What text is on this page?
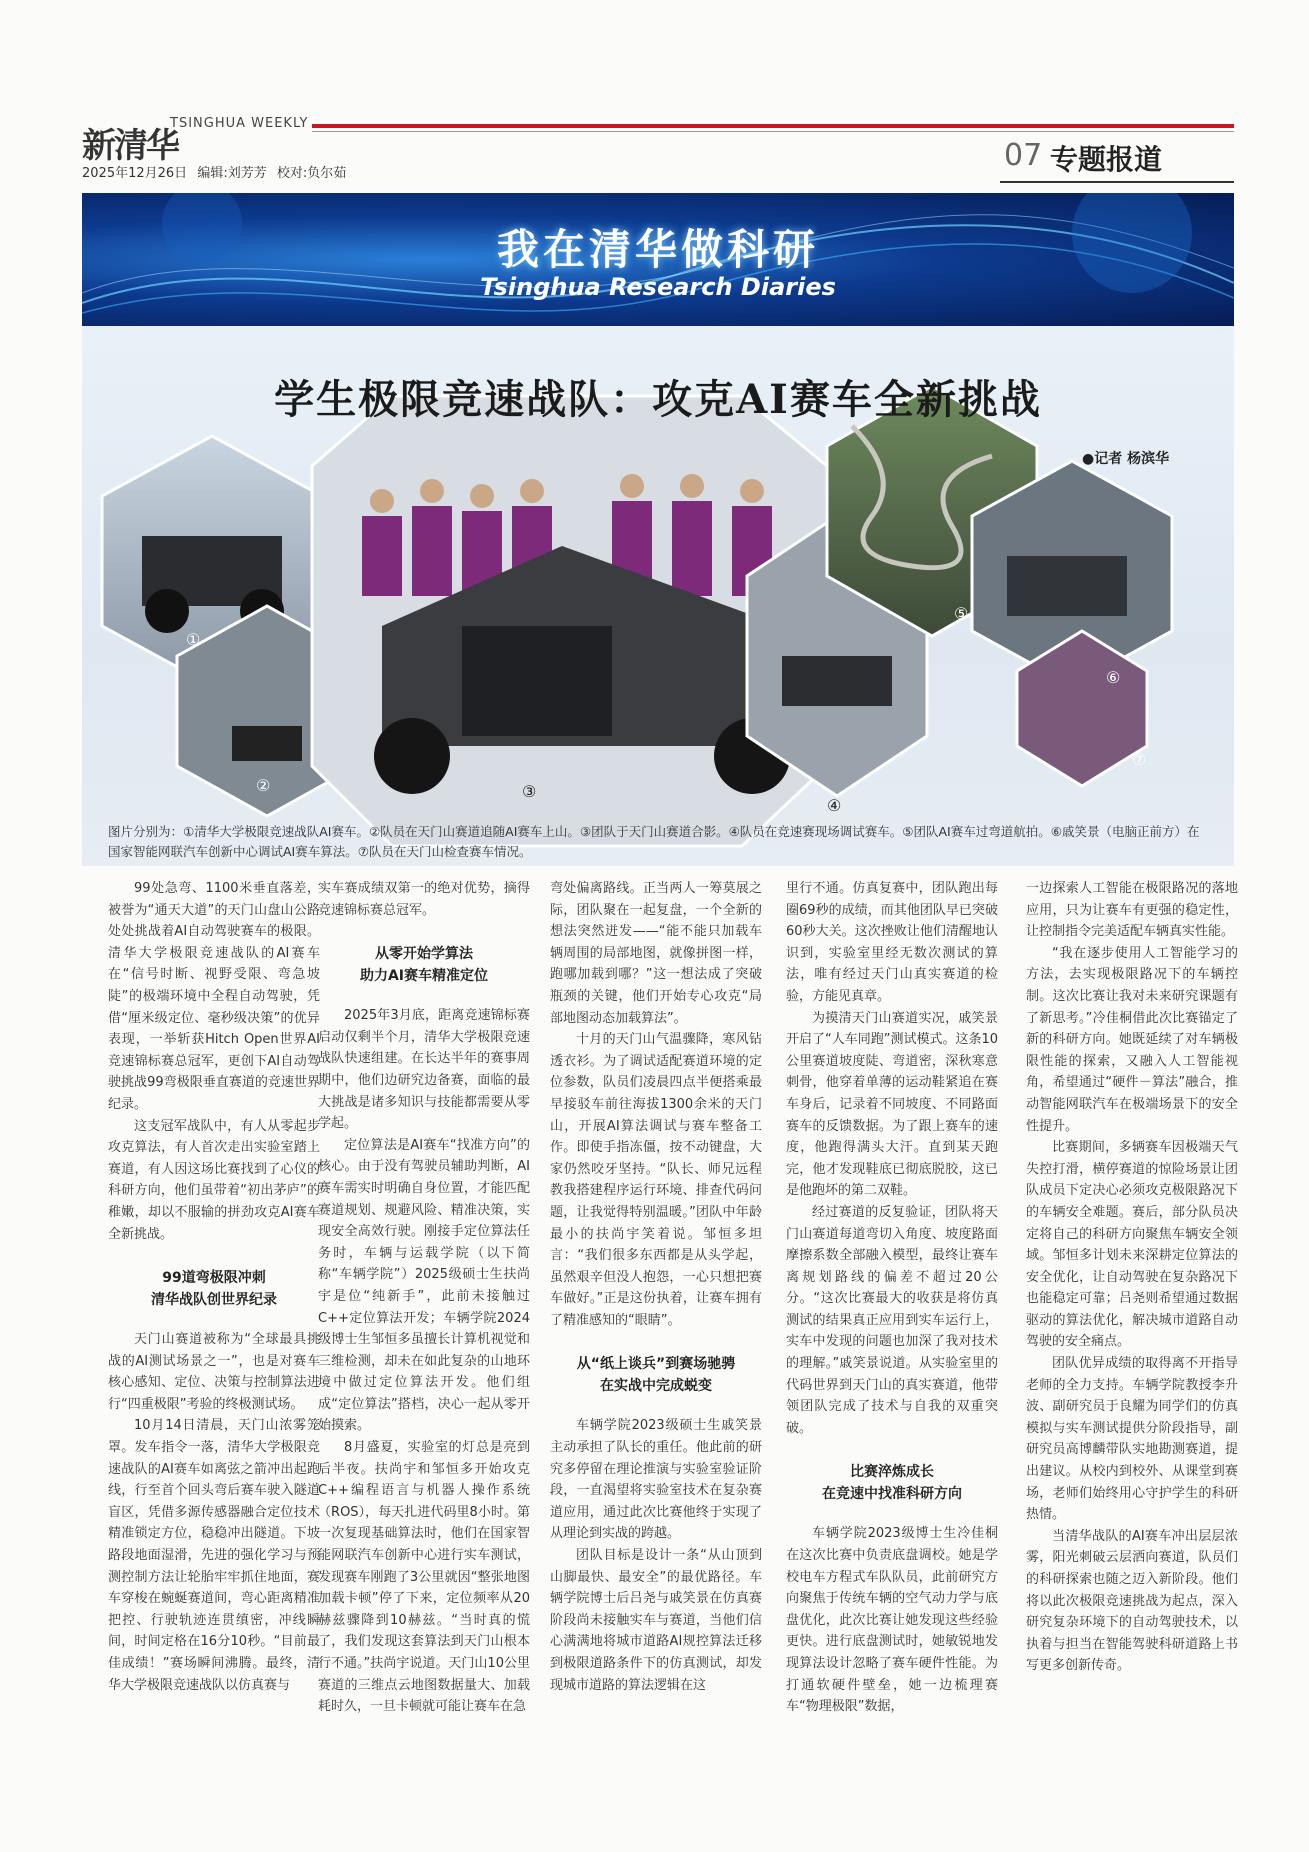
新清华
TSINGHUA WEEKLY
2025年12月26日 编辑:刘芳芳 校对:负尔茹
07 专题报道
我在清华做科研
Tsinghua Research Diaries
学生极限竞速战队：攻克AI赛车全新挑战
●记者 杨滨华
①
②	③
④
⑤
⑥
⑦
图片分别为：①清华大学极限竞速战队AI赛车。②队员在天门山赛道追随AI赛车上山。③团队于天门山赛道合影。④队员在竞速赛现场调试赛车。⑤团队AI赛车过弯道航拍。⑥戚笑景（电脑正前方）在国家智能网联汽车创新中心调试AI赛车算法。⑦队员在天门山检查赛车情况。

99处急弯、1100米垂直落差，被誉为“通天大道”的天门山盘山公路处处挑战着AI自动驾驶赛车的极限。清华大学极限竞速战队的AI赛车在“信号时断、视野受限、弯急坡陡”的极端环境中全程自动驾驶，凭借“厘米级定位、毫秒级决策”的优异表现，一举斩获Hitch Open世界AI竞速锦标赛总冠军，更创下AI自动驾驶挑战99弯极限垂直赛道的竞速世界纪录。

这支冠军战队中，有人从零起步攻克算法，有人首次走出实验室踏上赛道，有人因这场比赛找到了心仪的科研方向，他们虽带着“初出茅庐”的稚嫩，却以不服输的拼劲攻克AI赛车全新挑战。

99道弯极限冲刺
清华战队创世界纪录

天门山赛道被称为“全球最具挑战的AI测试场景之一”，也是对赛车核心感知、定位、决策与控制算法进行“四重极限”考验的终极测试场。

10月14日清晨，天门山浓雾笼罩。发车指令一落，清华大学极限竞速战队的AI赛车如离弦之箭冲出起跑线，行至首个回头弯后赛车驶入隧道盲区，凭借多源传感器融合定位技术精准锁定方位，稳稳冲出隧道。下坡路段地面湿滑，先进的强化学习与预测控制方法让轮胎牢牢抓住地面，赛车穿梭在蜿蜒赛道间，弯心距离精准把控、行驶轨迹连贯缜密，冲线瞬间，时间定格在16分10秒。“目前最佳成绩！”赛场瞬间沸腾。最终，清华大学极限竞速战队以仿真赛与

实车赛成绩双第一的绝对优势，摘得竞速锦标赛总冠军。

从零开始学算法
助力AI赛车精准定位

2025年3月底，距离竞速锦标赛启动仅剩半个月，清华大学极限竞速战队快速组建。在长达半年的赛事周期中，他们边研究边备赛，面临的最大挑战是诸多知识与技能都需要从零学起。

定位算法是AI赛车“找准方向”的核心。由于没有驾驶员辅助判断，AI赛车需实时明确自身位置，才能匹配赛道规划、规避风险、精准决策，实现安全高效行驶。刚接手定位算法任务时，车辆与运载学院（以下简称“车辆学院”）2025级硕士生扶尚宇是位“纯新手”，此前未接触过C++定位算法开发；车辆学院2024级博士生邹恒多虽擅长计算机视觉和三维检测，却未在如此复杂的山地环境中做过定位算法开发。他们组成“定位算法”搭档，决心一起从零开始摸索。

8月盛夏，实验室的灯总是亮到后半夜。扶尚宇和邹恒多开始攻克C++编程语言与机器人操作系统（ROS），每天扎进代码里8小时。第一次复现基础算法时，他们在国家智能网联汽车创新中心进行实车测试，发现赛车刚跑了3公里就因“整张地图加载卡顿”停了下来，定位频率从20赫兹骤降到10赫兹。“当时真的慌了，我们发现这套算法到天门山根本行不通。”扶尚宇说道。天门山10公里赛道的三维点云地图数据量大、加载耗时久，一旦卡顿就可能让赛车在急

弯处偏离路线。正当两人一筹莫展之际，团队聚在一起复盘，一个全新的想法突然迸发——“能不能只加载车辆周围的局部地图，就像拼图一样，跑哪加载到哪？”这一想法成了突破瓶颈的关键，他们开始专心攻克“局部地图动态加载算法”。

十月的天门山气温骤降，寒风钻透衣衫。为了调试适配赛道环境的定位参数，队员们凌晨四点半便搭乘最早接驳车前往海拔1300余米的天门山，开展AI算法调试与赛车整备工作。即使手指冻僵，按不动键盘，大家仍然咬牙坚持。“队长、师兄远程教我搭建程序运行环境、排查代码问题，让我觉得特别温暖。”团队中年龄最小的扶尚宇笑着说。邹恒多坦言：“我们很多东西都是从头学起，虽然艰辛但没人抱怨，一心只想把赛车做好。”正是这份执着，让赛车拥有了精准感知的“眼睛”。

从“纸上谈兵”到赛场驰骋
在实战中完成蜕变

车辆学院2023级硕士生戚笑景主动承担了队长的重任。他此前的研究多停留在理论推演与实验室验证阶段，一直渴望将实验室技术在复杂赛道应用，通过此次比赛他终于实现了从理论到实战的跨越。

团队目标是设计一条“从山顶到山脚最快、最安全”的最优路径。车辆学院博士后吕尧与戚笑景在仿真赛阶段尚未接触实车与赛道，当他们信心满满地将城市道路AI规控算法迁移到极限道路条件下的仿真测试，却发现城市道路的算法逻辑在这

里行不通。仿真复赛中，团队跑出每圈69秒的成绩，而其他团队早已突破60秒大关。这次挫败让他们清醒地认识到，实验室里经无数次测试的算法，唯有经过天门山真实赛道的检验，方能见真章。

为摸清天门山赛道实况，戚笑景开启了“人车同跑”测试模式。这条10公里赛道坡度陡、弯道密，深秋寒意刺骨，他穿着单薄的运动鞋紧追在赛车身后，记录着不同坡度、不同路面赛车的反馈数据。为了跟上赛车的速度，他跑得满头大汗。直到某天跑完，他才发现鞋底已彻底脱胶，这已是他跑坏的第二双鞋。

经过赛道的反复验证，团队将天门山赛道每道弯切入角度、坡度路面摩擦系数全部融入模型，最终让赛车离规划路线的偏差不超过20公分。“这次比赛最大的收获是将仿真测试的结果真正应用到实车运行上，实车中发现的问题也加深了我对技术的理解。”戚笑景说道。从实验室里的代码世界到天门山的真实赛道，他带领团队完成了技术与自我的双重突破。

比赛淬炼成长
在竞速中找准科研方向

车辆学院2023级博士生冷佳桐在这次比赛中负责底盘调校。她是学校电车方程式车队队员，此前研究方向聚焦于传统车辆的空气动力学与底盘优化，此次比赛让她发现这些经验更快。进行底盘测试时，她敏锐地发现算法设计忽略了赛车硬件性能。为打通软硬件壁垒，她一边梳理赛车“物理极限”数据，

一边探索人工智能在极限路况的落地应用，只为让赛车有更强的稳定性，让控制指令完美适配车辆真实性能。

“我在逐步使用人工智能学习的方法，去实现极限路况下的车辆控制。这次比赛让我对未来研究课题有了新思考。”冷佳桐借此次比赛锚定了新的科研方向。她既延续了对车辆极限性能的探索，又融入人工智能视角，希望通过“硬件－算法”融合，推动智能网联汽车在极端场景下的安全性提升。

比赛期间，多辆赛车因极端天气失控打滑，横停赛道的惊险场景让团队成员下定决心必须攻克极限路况下的车辆安全难题。赛后，部分队员决定将自己的科研方向聚焦车辆安全领域。邹恒多计划未来深耕定位算法的安全优化，让自动驾驶在复杂路况下也能稳定可靠；吕尧则希望通过数据驱动的算法优化，解决城市道路自动驾驶的安全痛点。

团队优异成绩的取得离不开指导老师的全力支持。车辆学院教授李升波、副研究员于良耀为同学们的仿真模拟与实车测试提供分阶段指导，副研究员高博麟带队实地勘测赛道，提出建议。从校内到校外、从课堂到赛场，老师们始终用心守护学生的科研热情。

当清华战队的AI赛车冲出层层浓雾，阳光刺破云层洒向赛道，队员们的科研探索也随之迈入新阶段。他们将以此次极限竞速挑战为起点，深入研究复杂环境下的自动驾驶技术，以执着与担当在智能驾驶科研道路上书写更多创新传奇。
